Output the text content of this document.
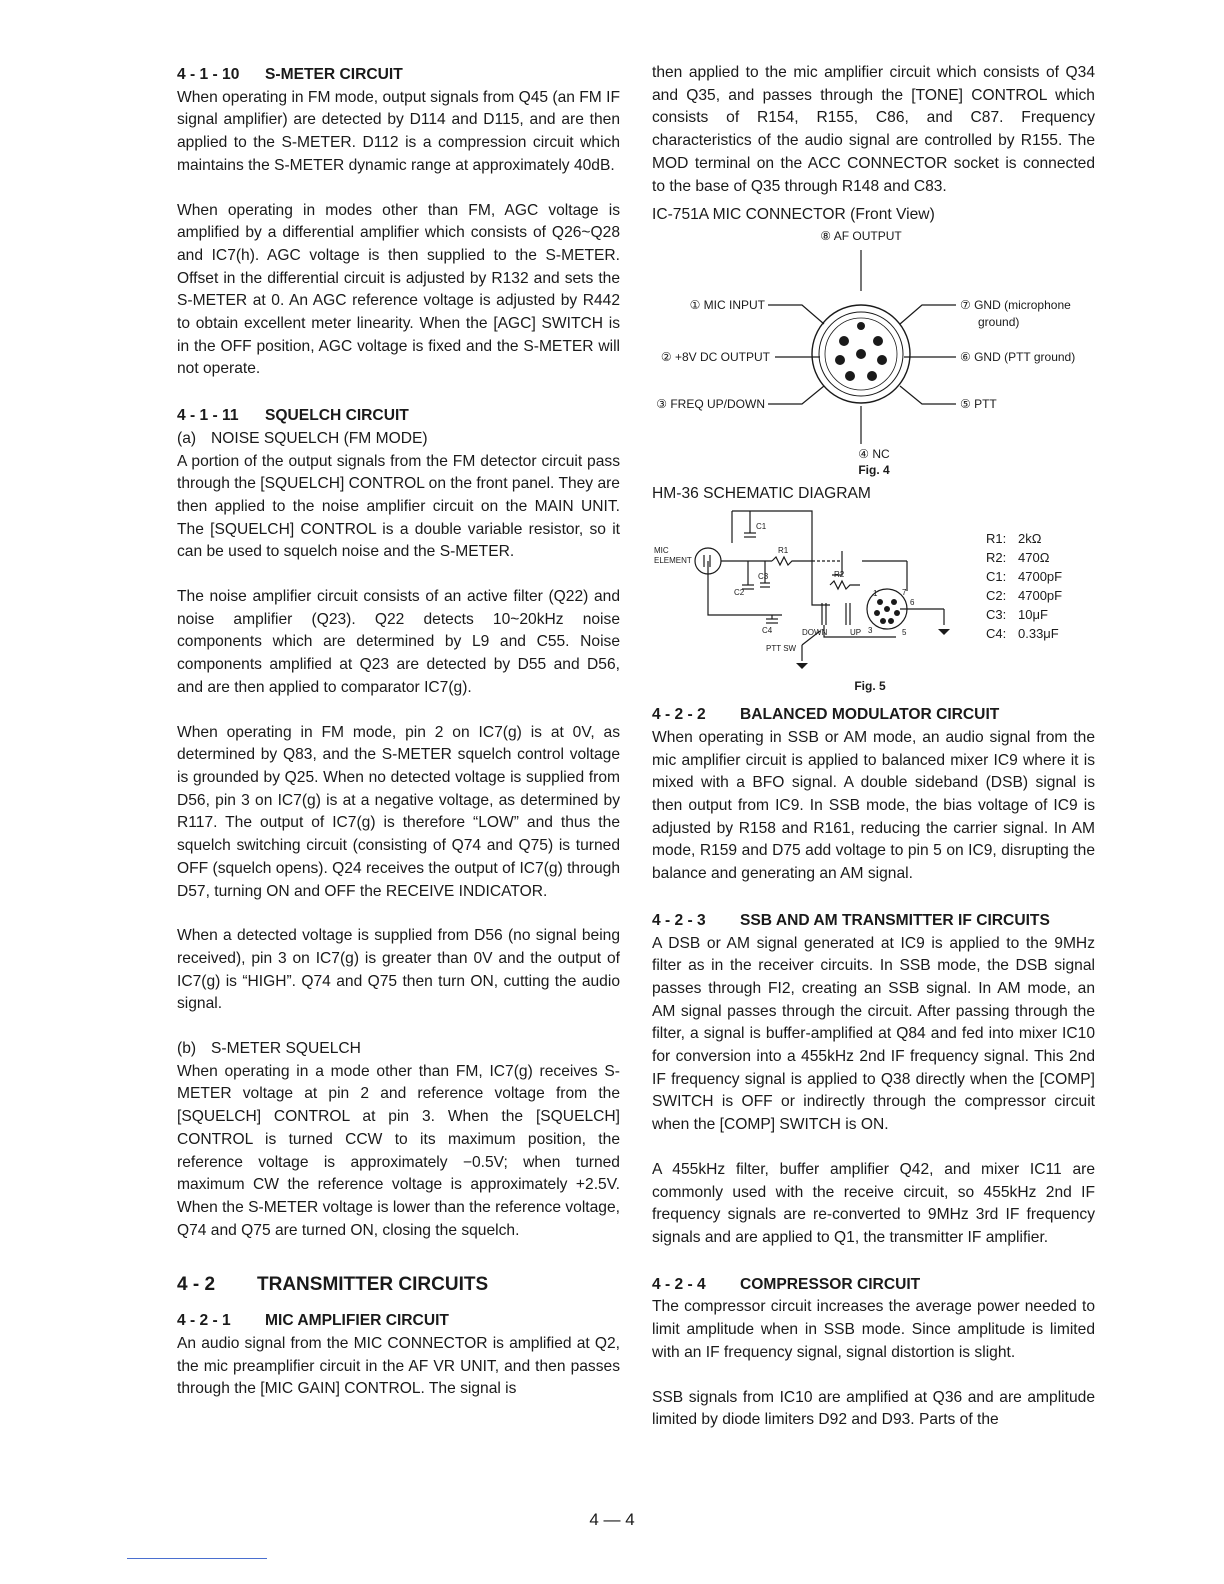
4 - 1 - 10 S-METER CIRCUIT

When operating in FM mode, output signals from Q45 (an FM IF signal amplifier) are detected by D114 and D115, and are then applied to the S-METER. D112 is a compression circuit which maintains the S-METER dynamic range at approximately 40dB.

When operating in modes other than FM, AGC voltage is amplified by a differential amplifier which consists of Q26~Q28 and IC7(h). AGC voltage is then supplied to the S-METER. Offset in the differential circuit is adjusted by R132 and sets the S-METER at 0. An AGC reference voltage is adjusted by R442 to obtain excellent meter linearity. When the [AGC] SWITCH is in the OFF position, AGC voltage is fixed and the S-METER will not operate.

4 - 1 - 11 SQUELCH CIRCUIT
(a) NOISE SQUELCH (FM MODE)

A portion of the output signals from the FM detector circuit pass through the [SQUELCH] CONTROL on the front panel. They are then applied to the noise amplifier circuit on the MAIN UNIT. The [SQUELCH] CONTROL is a double variable resistor, so it can be used to squelch noise and the S-METER.

The noise amplifier circuit consists of an active filter (Q22) and noise amplifier (Q23). Q22 detects 10~20kHz noise components which are determined by L9 and C55. Noise components amplified at Q23 are detected by D55 and D56, and are then applied to comparator IC7(g).

When operating in FM mode, pin 2 on IC7(g) is at 0V, as determined by Q83, and the S-METER squelch control voltage is grounded by Q25. When no detected voltage is supplied from D56, pin 3 on IC7(g) is at a negative voltage, as determined by R117. The output of IC7(g) is therefore “LOW” and thus the squelch switching circuit (consisting of Q74 and Q75) is turned OFF (squelch opens). Q24 receives the output of IC7(g) through D57, turning ON and OFF the RECEIVE INDICATOR.

When a detected voltage is supplied from D56 (no signal being received), pin 3 on IC7(g) is greater than 0V and the output of IC7(g) is “HIGH”. Q74 and Q75 then turn ON, cutting the audio signal.

(b) S-METER SQUELCH

When operating in a mode other than FM, IC7(g) receives S-METER voltage at pin 2 and reference voltage from the [SQUELCH] CONTROL at pin 3. When the [SQUELCH] CONTROL is turned CCW to its maximum position, the reference voltage is approximately −0.5V; when turned maximum CW the reference voltage is approximately +2.5V. When the S-METER voltage is lower than the reference voltage, Q74 and Q75 are turned ON, closing the squelch.

4 - 2 TRANSMITTER CIRCUITS
4 - 2 - 1 MIC AMPLIFIER CIRCUIT

An audio signal from the MIC CONNECTOR is amplified at Q2, the mic preamplifier circuit in the AF VR UNIT, and then passes through the [MIC GAIN] CONTROL. The signal is

then applied to the mic amplifier circuit which consists of Q34 and Q35, and passes through the [TONE] CONTROL which consists of R154, R155, C86, and C87. Frequency characteristics of the audio signal are controlled by R155. The MOD terminal on the ACC CONNECTOR socket is connected to the base of Q35 through R148 and C83.

IC-751A MIC CONNECTOR (Front View)
⑧ AF OUTPUT
① MIC INPUT
② +8V DC OUTPUT
③ FREQ UP/DOWN
⑦ GND (microphone
ground)
⑥ GND (PTT ground)
⑤ PTT
④ NC
Fig. 4
HM-36 SCHEMATIC DIAGRAM
MIC
ELEMENT
C1
R1
C2
C3	R2
C4	DOWN	UP
PTT SW
1
3	5
6
7
R1: 2kΩ
R2: 470Ω
C1: 4700pF
C2: 4700pF
C3: 10μF
C4: 0.33μF
Fig. 5
4 - 2 - 2 BALANCED MODULATOR CIRCUIT

When operating in SSB or AM mode, an audio signal from the mic amplifier circuit is applied to balanced mixer IC9 where it is mixed with a BFO signal. A double sideband (DSB) signal is then output from IC9. In SSB mode, the bias voltage of IC9 is adjusted by R158 and R161, reducing the carrier signal. In AM mode, R159 and D75 add voltage to pin 5 on IC9, disrupting the balance and generating an AM signal.

4 - 2 - 3 SSB AND AM TRANSMITTER IF CIRCUITS

A DSB or AM signal generated at IC9 is applied to the 9MHz filter as in the receiver circuits. In SSB mode, the DSB signal passes through FI2, creating an SSB signal. In AM mode, an AM signal passes through the circuit. After passing through the filter, a signal is buffer-amplified at Q84 and fed into mixer IC10 for conversion into a 455kHz 2nd IF frequency signal. This 2nd IF frequency signal is applied to Q38 directly when the [COMP] SWITCH is OFF or indirectly through the compressor circuit when the [COMP] SWITCH is ON.

A 455kHz filter, buffer amplifier Q42, and mixer IC11 are commonly used with the receive circuit, so 455kHz 2nd IF frequency signals are re-converted to 9MHz 3rd IF frequency signals and are applied to Q1, the transmitter IF amplifier.

4 - 2 - 4 COMPRESSOR CIRCUIT

The compressor circuit increases the average power needed to limit amplitude when in SSB mode. Since amplitude is limited with an IF frequency signal, signal distortion is slight.

SSB signals from IC10 are amplified at Q36 and are amplitude limited by diode limiters D92 and D93. Parts of the

4 — 4
